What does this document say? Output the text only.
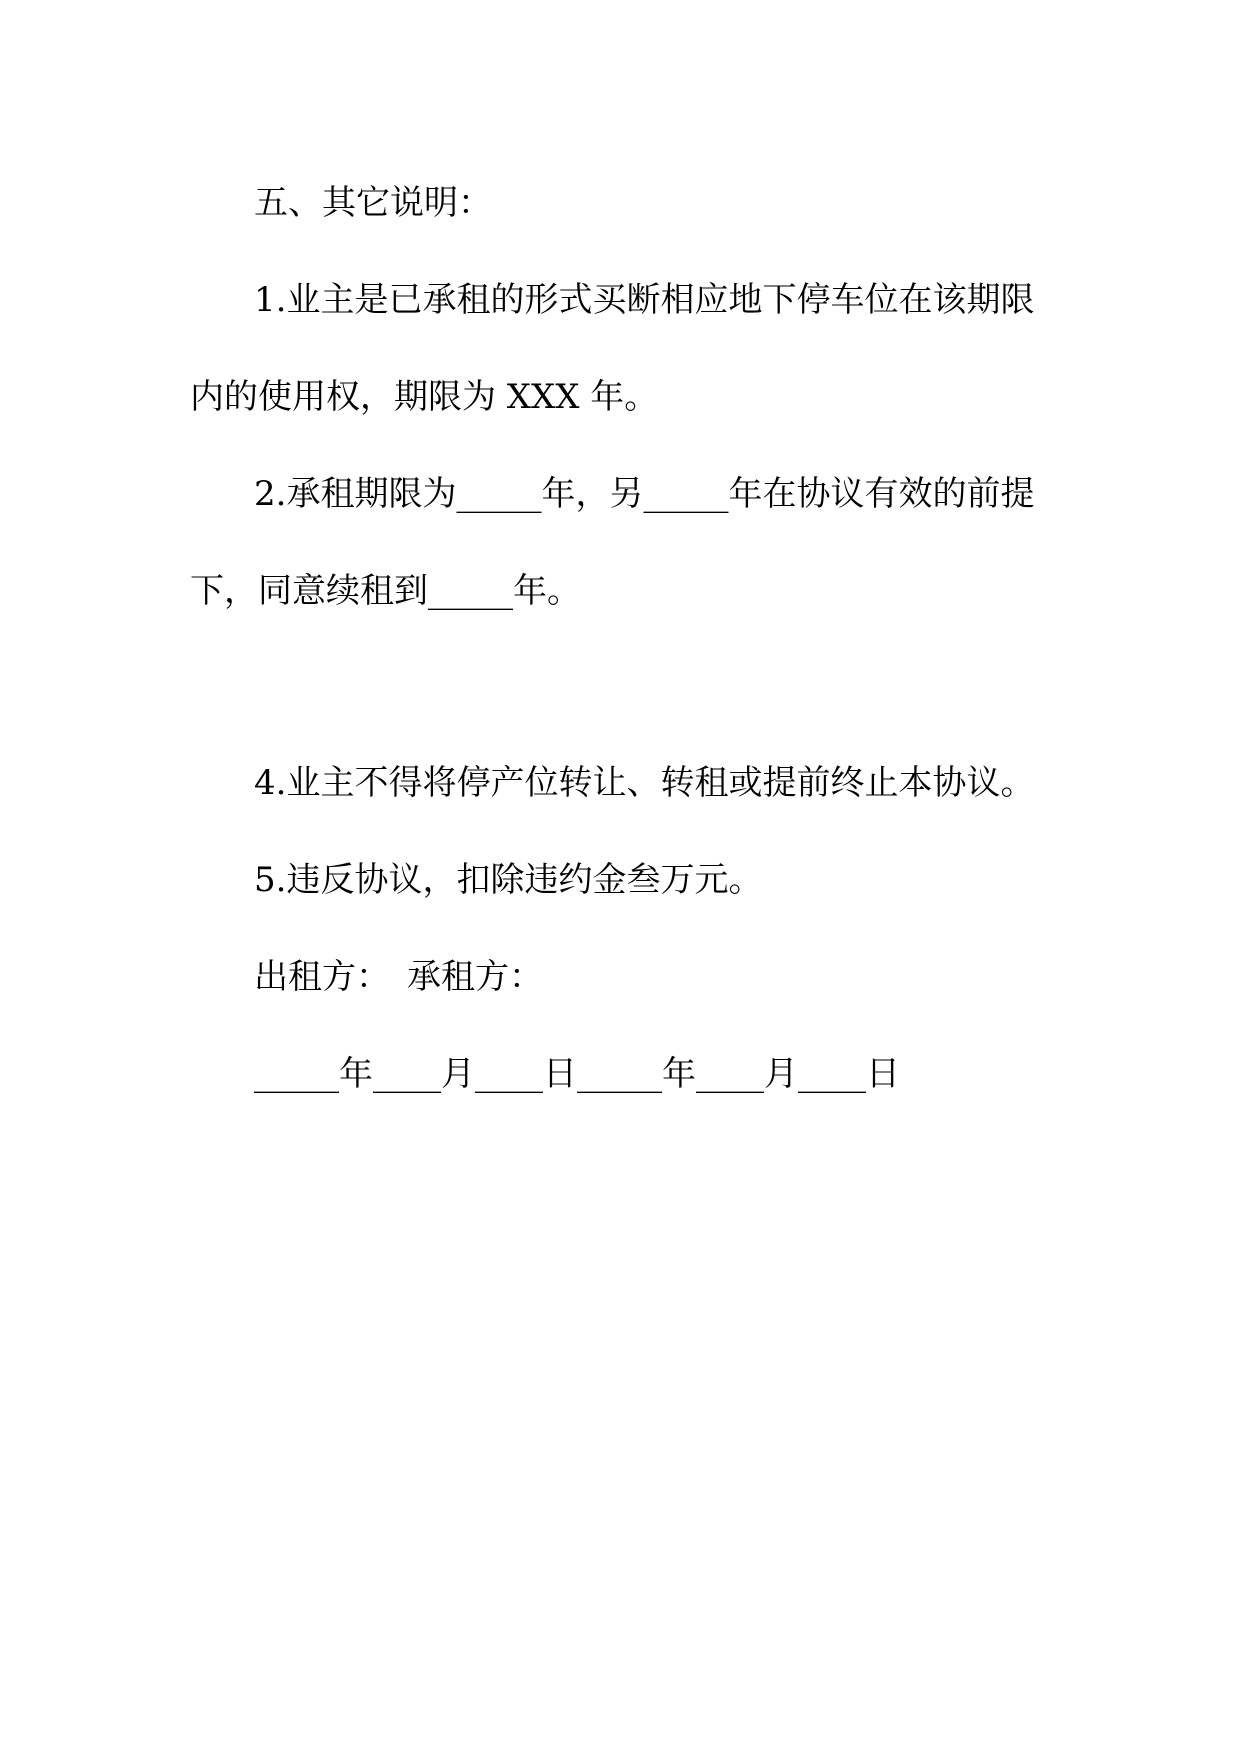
五、其它说明：
1.业主是已承租的形式买断相应地下停车位在该期限
内的使用权，期限为 XXX 年。
2.承租期限为_____年，另_____年在协议有效的前提
下，同意续租到_____年。
4.业主不得将停产位转让、转租或提前终止本协议。
5.违反协议，扣除违约金叁万元。
出租方：　承租方：
_____年____月____日_____年____月____日
